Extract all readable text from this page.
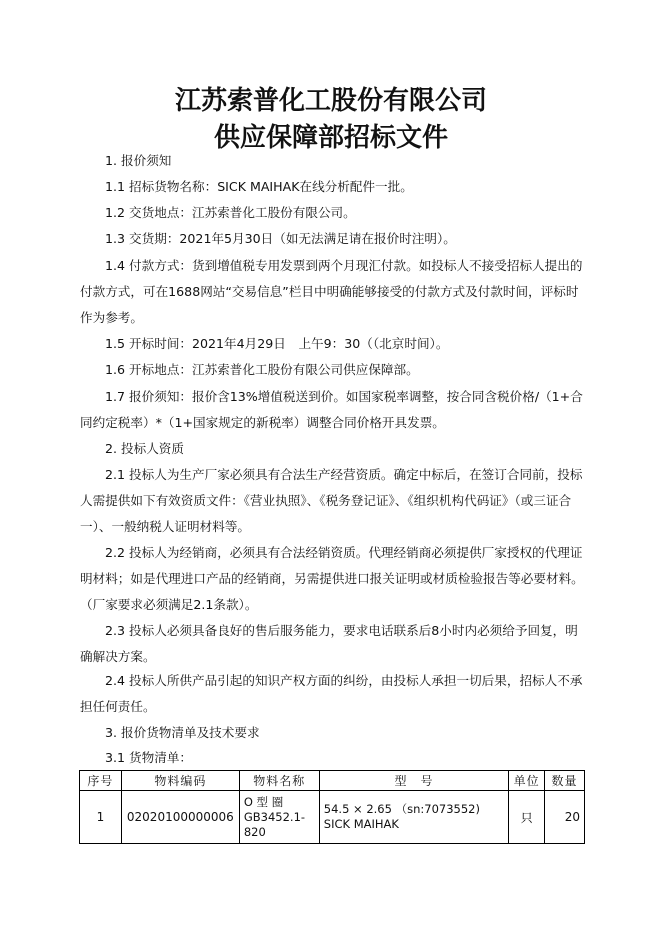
江苏索普化工股份有限公司
供应保障部招标文件
1. 报价须知
1.1 招标货物名称：SICK MAIHAK在线分析配件一批。
1.2 交货地点：江苏索普化工股份有限公司。
1.3 交货期：2021年5月30日（如无法满足请在报价时注明）。
1.4 付款方式：货到增值税专用发票到两个月现汇付款。如投标人不接受招标人提出的付款方式，可在1688网站“交易信息”栏目中明确能够接受的付款方式及付款时间，评标时作为参考。
1.5 开标时间：2021年4月29日　上午9：30（（北京时间）。
1.6 开标地点：江苏索普化工股份有限公司供应保障部。
1.7 报价须知：报价含13%增值税送到价。如国家税率调整，按合同含税价格/（1+合同约定税率）*（1+国家规定的新税率）调整合同价格开具发票。
2. 投标人资质
2.1 投标人为生产厂家必须具有合法生产经营资质。确定中标后，在签订合同前，投标人需提供如下有效资质文件：《营业执照》、《税务登记证》、《组织机构代码证》（或三证合一）、一般纳税人证明材料等。
2.2 投标人为经销商，必须具有合法经销资质。代理经销商必须提供厂家授权的代理证明材料；如是代理进口产品的经销商，另需提供进口报关证明或材质检验报告等必要材料。（厂家要求必须满足2.1条款）。
2.3 投标人必须具备良好的售后服务能力，要求电话联系后8小时内必须给予回复，明确解决方案。
2.4 投标人所供产品引起的知识产权方面的纠纷，由投标人承担一切后果，招标人不承担任何责任。
3. 报价货物清单及技术要求
3.1 货物清单：
序号	物料编码	物料名称	型　号	单位	数量
1	02020100000006	O 型 圈 GB3452.1-820	54.5 × 2.65 （sn:7073552) SICK MAIHAK	只	20
